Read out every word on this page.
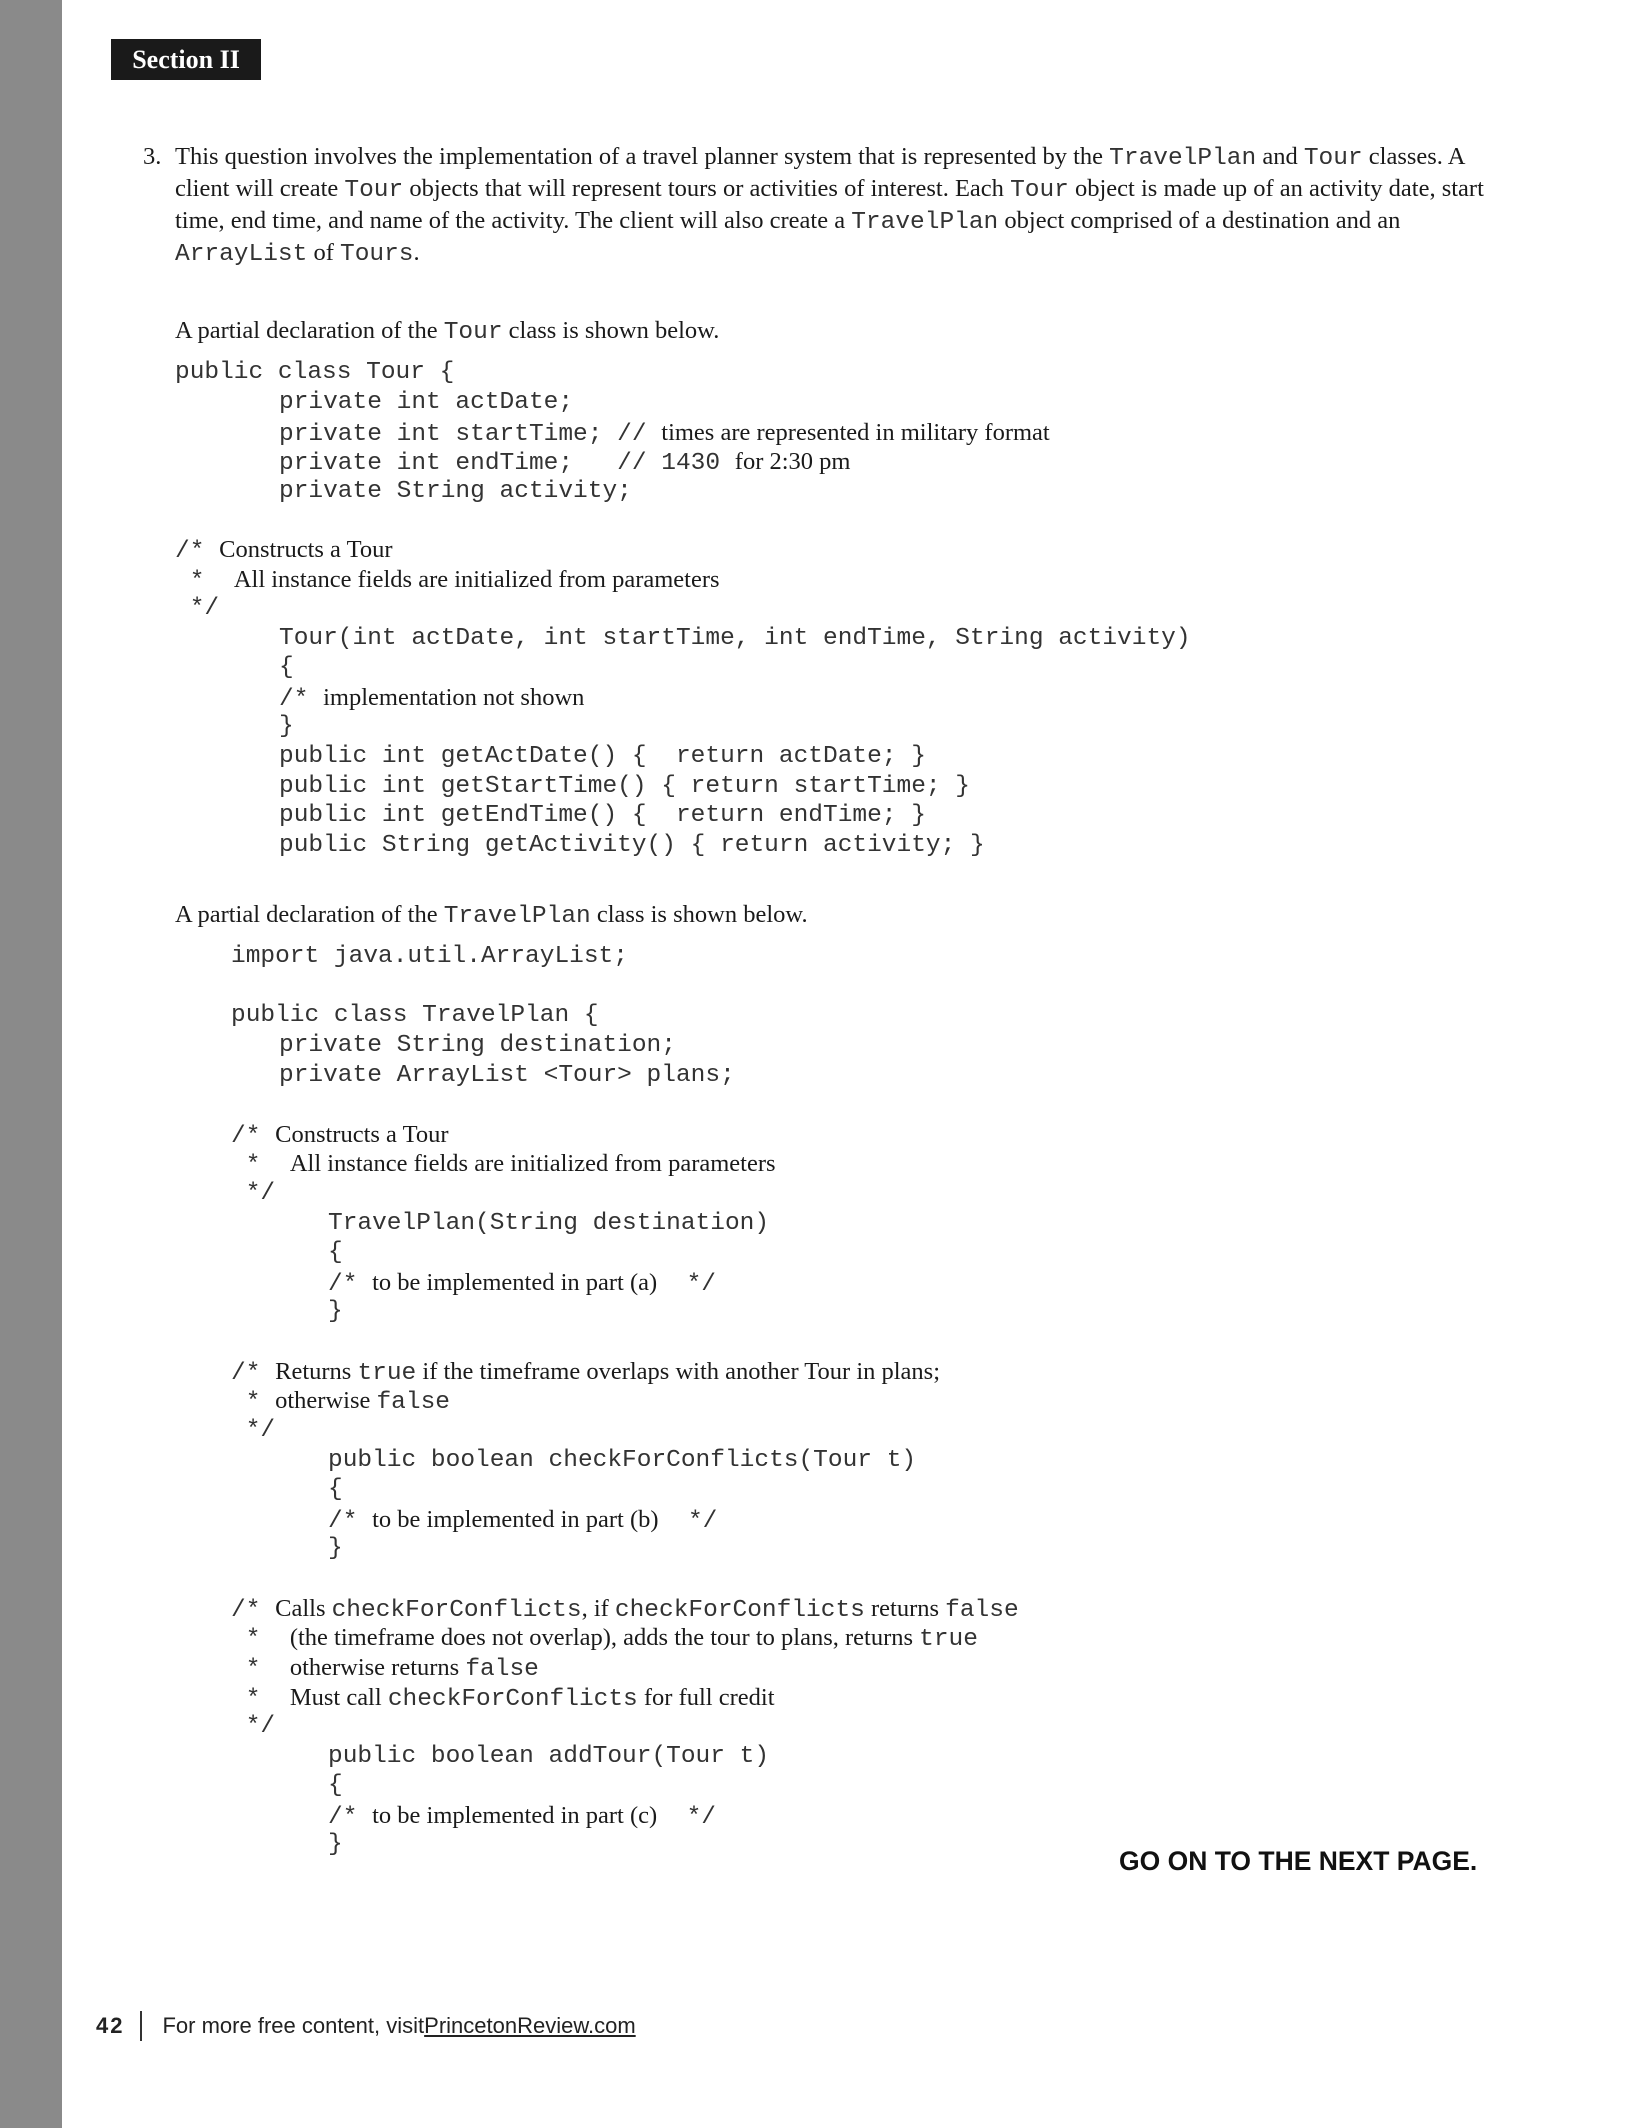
Section II
3. This question involves the implementation of a travel planner system that is represented by the TravelPlan and Tour classes. A client will create Tour objects that will represent tours or activities of interest. Each Tour object is made up of an activity date, start time, end time, and name of the activity. The client will also create a TravelPlan object comprised of a destination and an ArrayList of Tours.
A partial declaration of the Tour class is shown below.
public class Tour {
private int actDate;
private int startTime; // times are represented in military format
private int endTime;   // 1430 for 2:30 pm
private String activity;
/* Constructs a Tour
*  All instance fields are initialized from parameters
*/
Tour(int actDate, int startTime, int endTime, String activity)
{
/* implementation not shown
}
public int getActDate() {  return actDate; }
public int getStartTime() { return startTime; }
public int getEndTime() {  return endTime; }
public String getActivity() { return activity; }
A partial declaration of the TravelPlan class is shown below.
import java.util.ArrayList;
public class TravelPlan {
private String destination;
private ArrayList <Tour> plans;
/* Constructs a Tour
*  All instance fields are initialized from parameters
*/
TravelPlan(String destination)
{
/* to be implemented in part (a)  */
}
/* Returns true if the timeframe overlaps with another Tour in plans;
* otherwise false
*/
public boolean checkForConflicts(Tour t)
{
/* to be implemented in part (b)  */
}
/* Calls checkForConflicts, if checkForConflicts returns false
*  (the timeframe does not overlap), adds the tour to plans, returns true
*  otherwise returns false
*  Must call checkForConflicts for full credit
*/
public boolean addTour(Tour t)
{
/* to be implemented in part (c)  */
}
GO ON TO THE NEXT PAGE.
42 For more free content, visit PrincetonReview.com
